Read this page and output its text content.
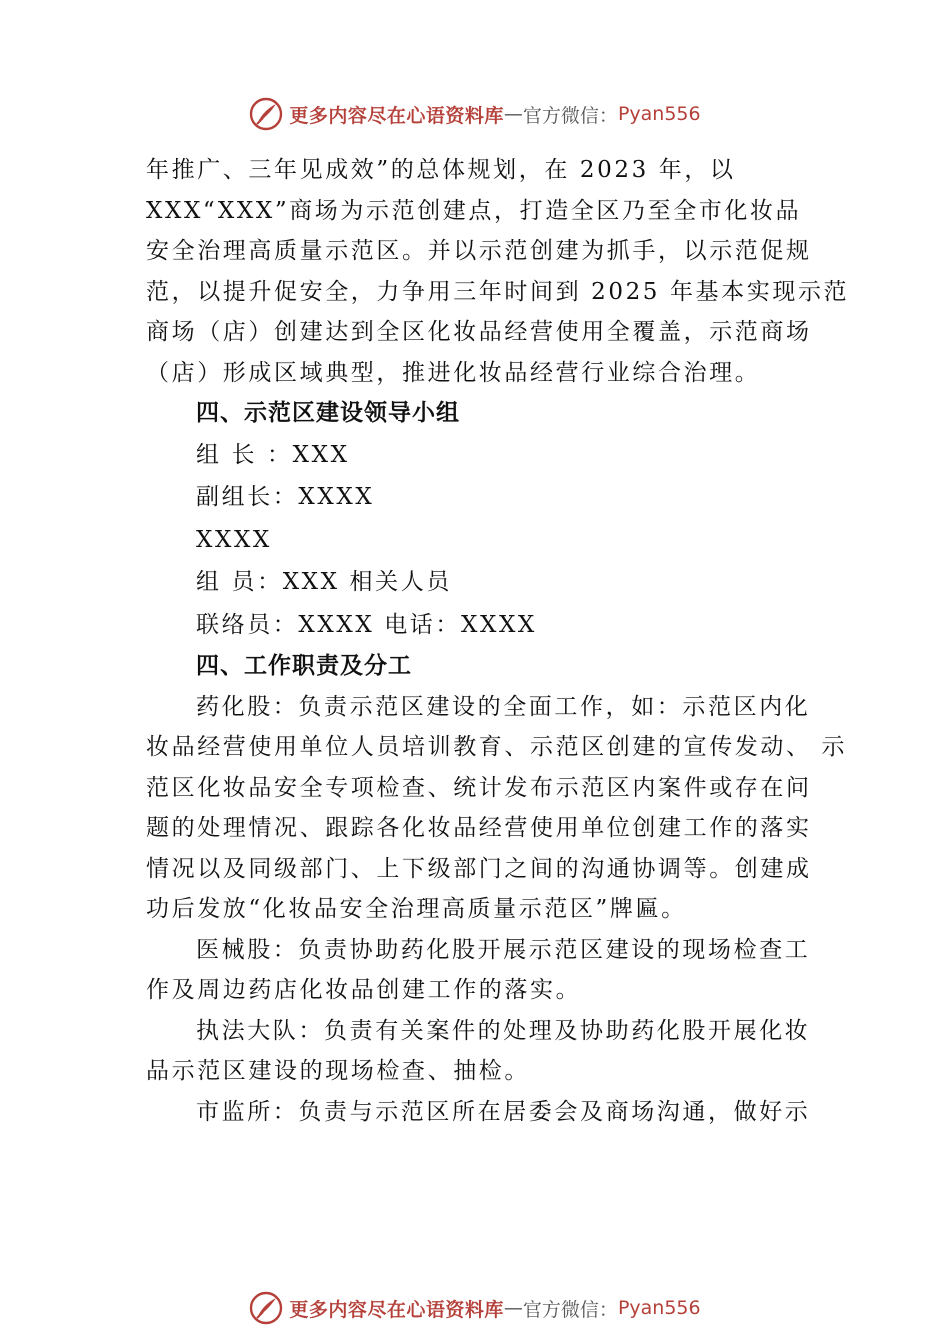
更多内容尽在心语资料库 — 官方微信： Pyan556
年推广、三年见成效”的总体规划，在 2023 年，以
XXX“XXX”商场为示范创建点，打造全区乃至全市化妆品
安全治理高质量示范区。并以示范创建为抓手，以示范促规
范，以提升促安全，力争用三年时间到 2025 年基本实现示范
商场（店）创建达到全区化妆品经营使用全覆盖，示范商场
（店）形成区域典型，推进化妆品经营行业综合治理。
四、示范区建设领导小组
组 长 ：XXX
副组长：XXXX
XXXX
组 员：XXX 相关人员
联络员：XXXX 电话：XXXX
四、工作职责及分工
药化股：负责示范区建设的全面工作，如：示范区内化
妆品经营使用单位人员培训教育、示范区创建的宣传发动、 示
范区化妆品安全专项检查、统计发布示范区内案件或存在问
题的处理情况、跟踪各化妆品经营使用单位创建工作的落实
情况以及同级部门、上下级部门之间的沟通协调等。创建成
功后发放“化妆品安全治理高质量示范区”牌匾。
医械股：负责协助药化股开展示范区建设的现场检查工
作及周边药店化妆品创建工作的落实。
执法大队：负责有关案件的处理及协助药化股开展化妆
品示范区建设的现场检查、抽检。
市监所：负责与示范区所在居委会及商场沟通，做好示
更多内容尽在心语资料库 — 官方微信： Pyan556
